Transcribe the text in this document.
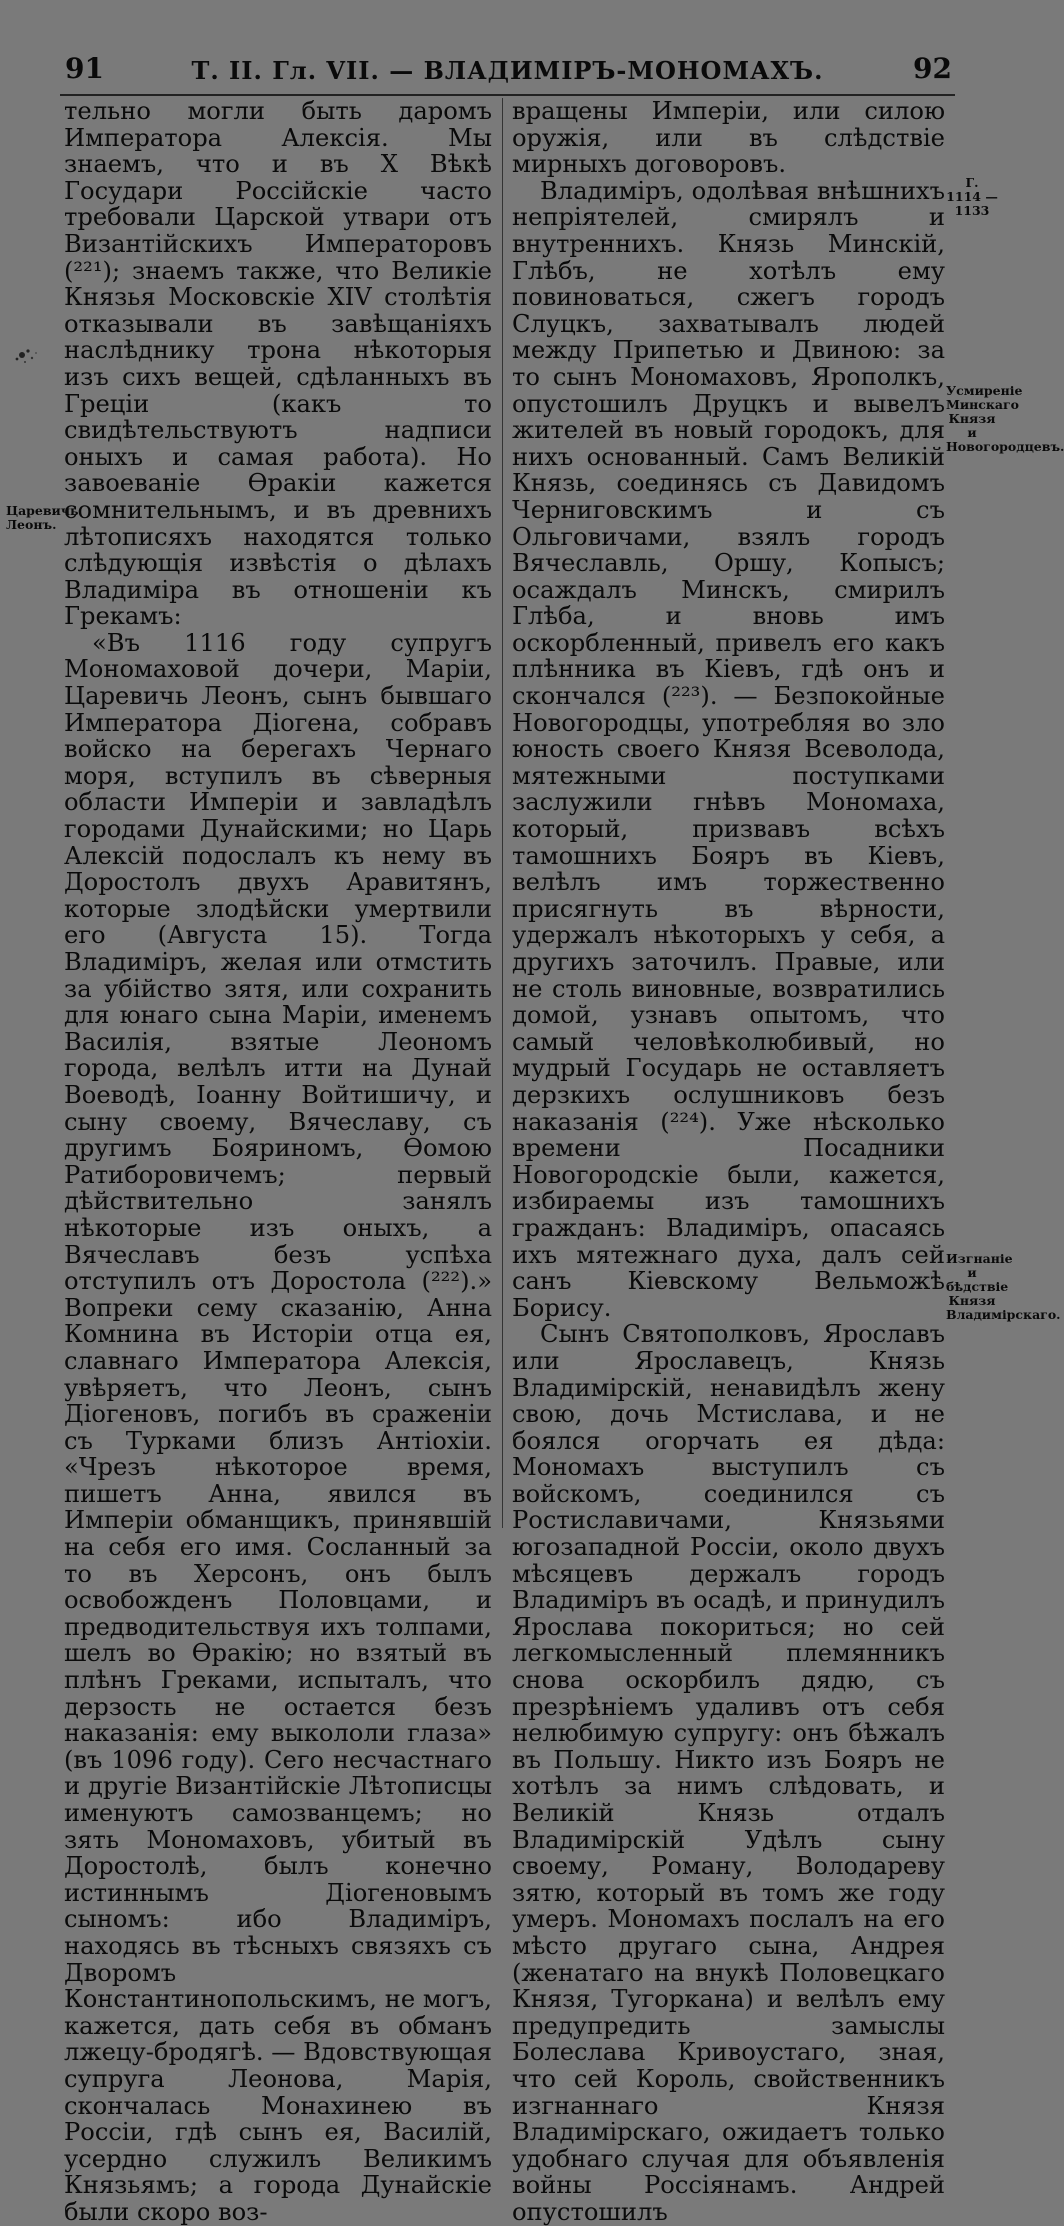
91	Т. II. Гл. VII. — ВЛАДИМІРЪ-МОНОМАХЪ.	92

тельно могли быть даромъ Императора Алексія. Мы знаемъ, что и въ X Вѣкѣ Государи Россійскіе часто требовали Царской утвари отъ Византійскихъ Императоровъ (²²¹); знаемъ также, что Великіе Князья Московскіе XIV столѣтія отказывали въ завѣщаніяхъ наслѣднику трона нѣкоторыя изъ сихъ вещей, сдѣланныхъ въ Греціи (какъ то свидѣтельствуютъ надписи оныхъ и самая работа). Но завоеваніе Ѳракіи кажется сомнительнымъ, и въ древнихъ лѣтописяхъ находятся только слѣдующія извѣстія о дѣлахъ Владиміра въ отношеніи къ Грекамъ:

«Въ 1116 году супругъ Мономаховой дочери, Маріи, Царевичь Леонъ, сынъ бывшаго Императора Діогена, собравъ войско на берегахъ Чернаго моря, вступилъ въ сѣверныя области Имперіи и завладѣлъ городами Дунайскими; но Царь Алексій подослалъ къ нему въ Доростолъ двухъ Аравитянъ, которые злодѣйски умертвили его (Августа 15). Тогда Владиміръ, желая или отмстить за убійство зятя, или сохранить для юнаго сына Маріи, именемъ Василія, взятые Леономъ города, велѣлъ итти на Дунай Воеводѣ, Іоанну Войтишичу, и сыну своему, Вячеславу, съ другимъ Бояриномъ, Ѳомою Ратиборовичемъ; первый дѣйствительно занялъ нѣкоторые изъ оныхъ, а Вячеславъ безъ успѣха отступилъ отъ Доростола (²²²).» Вопреки сему сказанію, Анна Комнина въ Исторіи отца ея, славнаго Императора Алексія, увѣряетъ, что Леонъ, сынъ Діогеновъ, погибъ въ сраженіи съ Турками близъ Антіохіи. «Чрезъ нѣкоторое время, пишетъ Анна, явился въ Имперіи обманщикъ, принявшій на себя его имя. Сосланный за то въ Херсонъ, онъ былъ освобожденъ Половцами, и предводительствуя ихъ толпами, шелъ во Ѳракію; но взятый въ плѣнъ Греками, испыталъ, что дерзость не остается безъ наказанія: ему выкололи глаза» (въ 1096 году). Сего несчастнаго и другіе Византійскіе Лѣтописцы именуютъ самозванцемъ; но зять Мономаховъ, убитый въ Доростолѣ, былъ конечно истиннымъ Діогеновымъ сыномъ: ибо Владиміръ, находясь въ тѣсныхъ связяхъ съ Дворомъ Константинопольскимъ, не могъ, кажется, дать себя въ обманъ лжецу-бродягѣ. — Вдовствующая супруга Леонова, Марія, скончалась Монахинею въ Россіи, гдѣ сынъ ея, Василій, усердно служилъ Великимъ Князьямъ; а города Дунайскіе были скоро воз-

вращены Имперіи, или силою оружія, или въ слѣдствіе мирныхъ договоровъ.

Владиміръ, одолѣвая внѣшнихъ непріятелей, смирялъ и внутреннихъ. Князь Минскій, Глѣбъ, не хотѣлъ ему повиноваться, сжегъ городъ Слуцкъ, захватывалъ людей между Припетью и Двиною: за то сынъ Мономаховъ, Ярополкъ, опустошилъ Друцкъ и вывелъ жителей въ новый городокъ, для нихъ основанный. Самъ Великій Князь, соединясь съ Давидомъ Черниговскимъ и съ Ольговичами, взялъ городъ Вячеславль, Оршу, Копысъ; осаждалъ Минскъ, смирилъ Глѣба, и вновь имъ оскорбленный, привелъ его какъ плѣнника въ Кіевъ, гдѣ онъ и скончался (²²³). — Безпокойные Новогородцы, употребляя во зло юность своего Князя Всеволода, мятежными поступками заслужили гнѣвъ Мономаха, который, призвавъ всѣхъ тамошнихъ Бояръ въ Кіевъ, велѣлъ имъ торжественно присягнуть въ вѣрности, удержалъ нѣкоторыхъ у себя, а другихъ заточилъ. Правые, или не столь виновные, возвратились домой, узнавъ опытомъ, что самый человѣколюбивый, но мудрый Государь не оставляетъ дерзкихъ ослушниковъ безъ наказанія (²²⁴). Уже нѣсколько времени Посадники Новогородскіе были, кажется, избираемы изъ тамошнихъ гражданъ: Владиміръ, опасаясь ихъ мятежнаго духа, далъ сей санъ Кіевскому Вельможѣ Борису.

Сынъ Святополковъ, Ярославъ или Ярославецъ, Князь Владимірскій, ненавидѣлъ жену свою, дочь Мстислава, и не боялся огорчать ея дѣда: Мономахъ выступилъ съ войскомъ, соединился съ Ростиславичами, Князьями югозападной Россіи, около двухъ мѣсяцевъ держалъ городъ Владиміръ въ осадѣ, и принудилъ Ярослава покориться; но сей легкомысленный племянникъ снова оскорбилъ дядю, съ презрѣніемъ удаливъ отъ себя нелюбимую супругу: онъ бѣжалъ въ Польшу. Никто изъ Бояръ не хотѣлъ за нимъ слѣдовать, и Великій Князь отдалъ Владимірскій Удѣлъ сыну своему, Роману, Володареву зятю, который въ томъ же году умеръ. Мономахъ послалъ на его мѣсто другаго сына, Андрея (женатаго на внукѣ Половецкаго Князя, Тугоркана) и велѣлъ ему предупредить замыслы Болеслава Кривоустаго, зная, что сей Король, свойственникъ изгнаннаго Князя Владимірскаго, ожидаетъ только удобнаго случая для объявленія войны Россіянамъ. Андрей опустошилъ

Царевичь Леонъ.
Г. 1114 —1133
Усмиреніе Минскаго Князя и Новогородцевъ.
Изгнаніе и бѣдствіе Князя Владимірскаго.
